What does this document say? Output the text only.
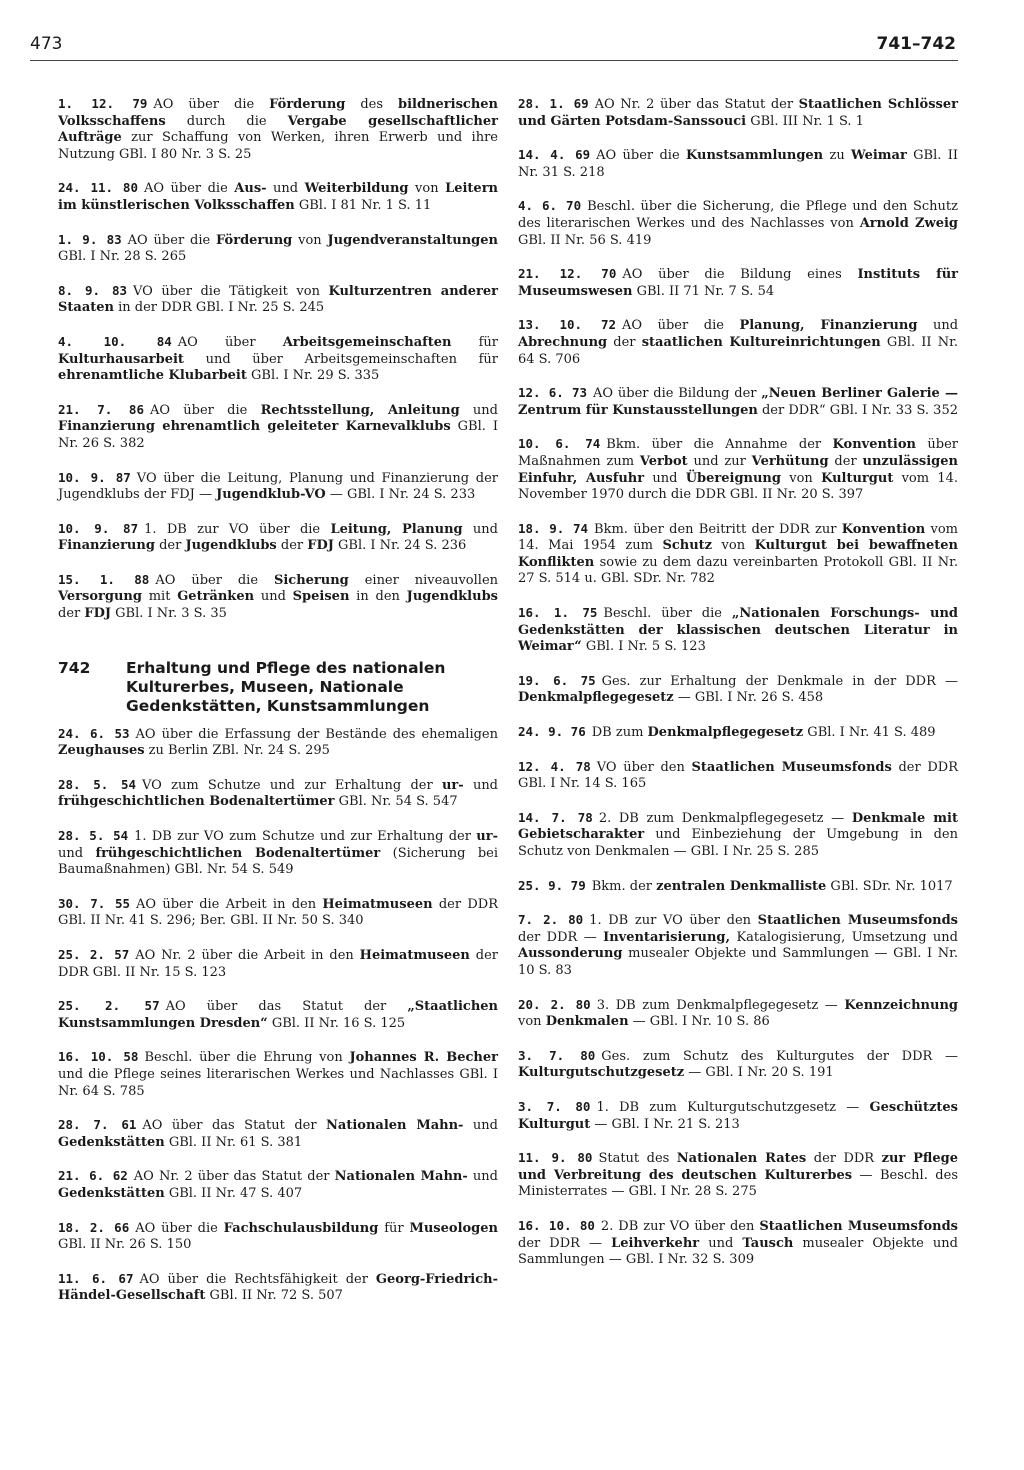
473	741–742

1. 12. 79 AO über die Förderung des bildnerischen Volksschaffens durch die Vergabe gesellschaftlicher Aufträge zur Schaffung von Werken, ihren Erwerb und ihre Nutzung GBl. I 80 Nr. 3 S. 25

24. 11. 80 AO über die Aus- und Weiterbildung von Leitern im künstlerischen Volksschaffen GBl. I 81 Nr. 1 S. 11

1. 9. 83 AO über die Förderung von Jugendveranstaltungen GBl. I Nr. 28 S. 265

8. 9. 83 VO über die Tätigkeit von Kulturzentren anderer Staaten in der DDR GBl. I Nr. 25 S. 245

4. 10. 84 AO über Arbeitsgemeinschaften für Kulturhausarbeit und über Arbeitsgemeinschaften für ehrenamtliche Klubarbeit GBl. I Nr. 29 S. 335

21. 7. 86 AO über die Rechtsstellung, Anleitung und Finanzierung ehrenamtlich geleiteter Karnevalklubs GBl. I Nr. 26 S. 382

10. 9. 87 VO über die Leitung, Planung und Finanzierung der Jugendklubs der FDJ — Jugendklub-VO — GBl. I Nr. 24 S. 233

10. 9. 87 1. DB zur VO über die Leitung, Planung und Finanzierung der Jugendklubs der FDJ GBl. I Nr. 24 S. 236

15. 1. 88 AO über die Sicherung einer niveauvollen Versorgung mit Getränken und Speisen in den Jugendklubs der FDJ GBl. I Nr. 3 S. 35

742	Erhaltung und Pflege des nationalen Kulturerbes, Museen, Nationale Gedenkstätten, Kunstsammlungen

24. 6. 53 AO über die Erfassung der Bestände des ehemaligen Zeughauses zu Berlin ZBl. Nr. 24 S. 295

28. 5. 54 VO zum Schutze und zur Erhaltung der ur- und frühgeschichtlichen Bodenaltertümer GBl. Nr. 54 S. 547

28. 5. 54 1. DB zur VO zum Schutze und zur Erhaltung der ur- und frühgeschichtlichen Bodenaltertümer (Sicherung bei Baumaßnahmen) GBl. Nr. 54 S. 549

30. 7. 55 AO über die Arbeit in den Heimatmuseen der DDR GBl. II Nr. 41 S. 296; Ber. GBl. II Nr. 50 S. 340

25. 2. 57 AO Nr. 2 über die Arbeit in den Heimatmuseen der DDR GBl. II Nr. 15 S. 123

25. 2. 57 AO über das Statut der „Staatlichen Kunstsammlungen Dresden“ GBl. II Nr. 16 S. 125

16. 10. 58 Beschl. über die Ehrung von Johannes R. Becher und die Pflege seines literarischen Werkes und Nachlasses GBl. I Nr. 64 S. 785

28. 7. 61 AO über das Statut der Nationalen Mahn- und Gedenkstätten GBl. II Nr. 61 S. 381

21. 6. 62 AO Nr. 2 über das Statut der Nationalen Mahn- und Gedenkstätten GBl. II Nr. 47 S. 407

18. 2. 66 AO über die Fachschulausbildung für Museologen GBl. II Nr. 26 S. 150

11. 6. 67 AO über die Rechtsfähigkeit der Georg-Friedrich-Händel-Gesellschaft GBl. II Nr. 72 S. 507

28. 1. 69 AO Nr. 2 über das Statut der Staatlichen Schlösser und Gärten Potsdam-Sanssouci GBl. III Nr. 1 S. 1

14. 4. 69 AO über die Kunstsammlungen zu Weimar GBl. II Nr. 31 S. 218

4. 6. 70 Beschl. über die Sicherung, die Pflege und den Schutz des literarischen Werkes und des Nachlasses von Arnold Zweig GBl. II Nr. 56 S. 419

21. 12. 70 AO über die Bildung eines Instituts für Museumswesen GBl. II 71 Nr. 7 S. 54

13. 10. 72 AO über die Planung, Finanzierung und Abrechnung der staatlichen Kultureinrichtungen GBl. II Nr. 64 S. 706

12. 6. 73 AO über die Bildung der „Neuen Berliner Galerie — Zentrum für Kunstausstellungen der DDR“ GBl. I Nr. 33 S. 352

10. 6. 74 Bkm. über die Annahme der Konvention über Maßnahmen zum Verbot und zur Verhütung der unzulässigen Einfuhr, Ausfuhr und Übereignung von Kulturgut vom 14. November 1970 durch die DDR GBl. II Nr. 20 S. 397

18. 9. 74 Bkm. über den Beitritt der DDR zur Konvention vom 14. Mai 1954 zum Schutz von Kulturgut bei bewaffneten Konflikten sowie zu dem dazu vereinbarten Protokoll GBl. II Nr. 27 S. 514 u. GBl. SDr. Nr. 782

16. 1. 75 Beschl. über die „Nationalen Forschungs- und Gedenkstätten der klassischen deutschen Literatur in Weimar“ GBl. I Nr. 5 S. 123

19. 6. 75 Ges. zur Erhaltung der Denkmale in der DDR — Denkmalpflegegesetz — GBl. I Nr. 26 S. 458

24. 9. 76 DB zum Denkmalpflegegesetz GBl. I Nr. 41 S. 489

12. 4. 78 VO über den Staatlichen Museumsfonds der DDR GBl. I Nr. 14 S. 165

14. 7. 78 2. DB zum Denkmalpflegegesetz — Denkmale mit Gebietscharakter und Einbeziehung der Umgebung in den Schutz von Denkmalen — GBl. I Nr. 25 S. 285

25. 9. 79 Bkm. der zentralen Denkmalliste GBl. SDr. Nr. 1017

7. 2. 80 1. DB zur VO über den Staatlichen Museumsfonds der DDR — Inventarisierung, Katalogisierung, Umsetzung und Aussonderung musealer Objekte und Sammlungen — GBl. I Nr. 10 S. 83

20. 2. 80 3. DB zum Denkmalpflegegesetz — Kennzeichnung von Denkmalen — GBl. I Nr. 10 S. 86

3. 7. 80 Ges. zum Schutz des Kulturgutes der DDR — Kulturgutschutzgesetz — GBl. I Nr. 20 S. 191

3. 7. 80 1. DB zum Kulturgutschutzgesetz — Geschütztes Kulturgut — GBl. I Nr. 21 S. 213

11. 9. 80 Statut des Nationalen Rates der DDR zur Pflege und Verbreitung des deutschen Kulturerbes — Beschl. des Ministerrates — GBl. I Nr. 28 S. 275

16. 10. 80 2. DB zur VO über den Staatlichen Museumsfonds der DDR — Leihverkehr und Tausch musealer Objekte und Sammlungen — GBl. I Nr. 32 S. 309
